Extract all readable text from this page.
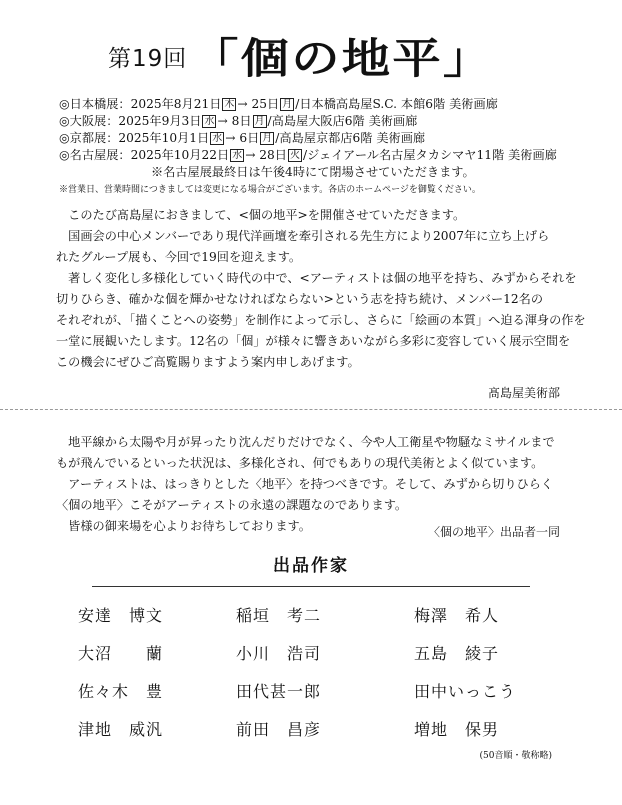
第19回 「個の地平」
◎日本橋展：2025年8月21日 木 → 25日 月 /日本橋高島屋S.C. 本館6階 美術画廊
◎大阪展：2025年9月3日 水 → 8日 月 /高島屋大阪店6階 美術画廊
◎京都展：2025年10月1日 水 → 6日 月 /高島屋京都店6階 美術画廊
◎名古屋展：2025年10月22日 水 → 28日 火 /ジェイアール名古屋タカシマヤ11階 美術画廊
※名古屋展最終日は午後4時にて閉場させていただきます。
※営業日、営業時間につきましては変更になる場合がございます。各店のホームページを御覧ください。
　このたび髙島屋におきまして、<個の地平>を開催させていただきます。
　国画会の中心メンバーであり現代洋画壇を牽引される先生方により2007年に立ち上げら
れたグループ展も、今回で19回を迎えます。
　著しく変化し多様化していく時代の中で、<アーティストは個の地平を持ち、みずからそれを
切りひらき、確かな個を輝かせなければならない>という志を持ち続け、メンバー12名の
それぞれが、「描くことへの姿勢」を制作によって示し、さらに「絵画の本質」へ迫る渾身の作を
一堂に展観いたします。12名の「個」が様々に響きあいながら多彩に変容していく展示空間を
この機会にぜひご高覧賜りますよう案内申しあげます。
髙島屋美術部
　地平線から太陽や月が昇ったり沈んだりだけでなく、今や人工衛星や物騒なミサイルまで
もが飛んでいるといった状況は、多様化され、何でもありの現代美術とよく似ています。
　アーティストは、はっきりとした〈地平〉を持つべきです。そして、みずから切りひらく
〈個の地平〉こそがアーティストの永遠の課題なのであります。
　皆様の御来場を心よりお待ちしております。	〈個の地平〉出品者一同
出品作家
安達　博文	稲垣　考二	梅澤　希人
大沼　　蘭	小川　浩司	五島　綾子
佐々木　豊	田代甚一郎	田中いっこう
津地　威汎	前田　昌彦	増地　保男
(50音順・敬称略)
